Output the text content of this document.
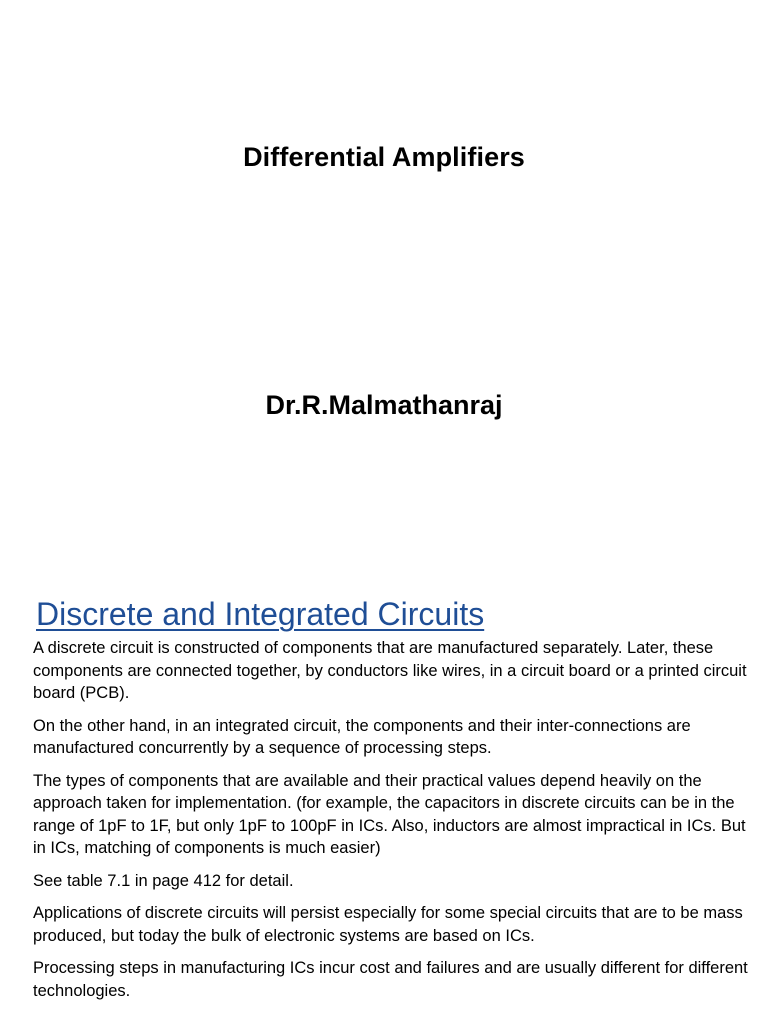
Differential Amplifiers
Dr.R.Malmathanraj
Discrete and Integrated Circuits

A discrete circuit is constructed of components that are manufactured separately. Later, these components are connected together, by conductors like wires, in a circuit board or a printed circuit board (PCB).

On the other hand, in an integrated circuit, the components and their inter-connections are manufactured concurrently by a sequence of processing steps.

The types of components that are available and their practical values depend heavily on the approach taken for implementation. (for example, the capacitors in discrete circuits can be in the range of 1pF to 1F, but only 1pF to 100pF in ICs. Also, inductors are almost impractical in ICs. But in ICs, matching of components is much easier)

See table 7.1 in page 412 for detail.

Applications of discrete circuits will persist especially for some special circuits that are to be mass produced, but today the bulk of electronic systems are based on ICs.

Processing steps in manufacturing ICs incur cost and failures and are usually different for different technologies.
